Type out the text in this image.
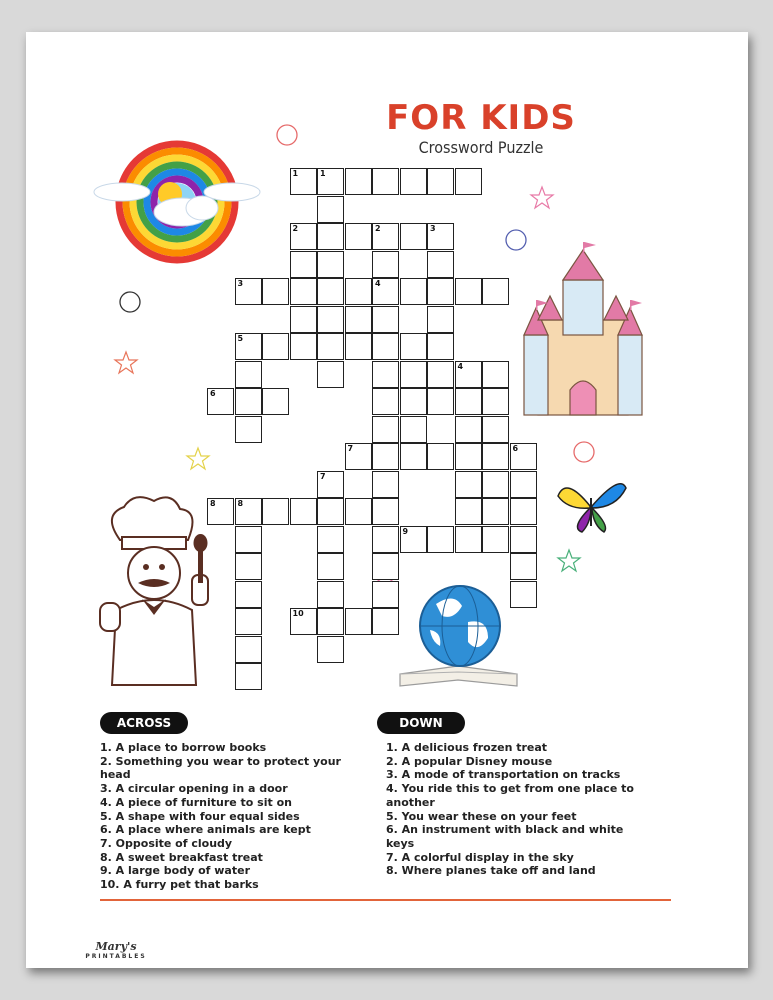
FOR KIDS
Crossword Puzzle
1	1
2	2	3
3	4
5
6
7
8	8
9
10
4
6
7
ACROSS	DOWN
1. A place to borrow books
2. Something you wear to protect your head
3. A circular opening in a door
4. A piece of furniture to sit on
5. A shape with four equal sides
6. A place where animals are kept
7. Opposite of cloudy
8. A sweet breakfast treat
9. A large body of water
10. A furry pet that barks
1. A delicious frozen treat
2. A popular Disney mouse
3. A mode of transportation on tracks
4. You ride this to get from one place to another
5. You wear these on your feet
6. An instrument with black and white keys
7. A colorful display in the sky
8. Where planes take off and land
Mary's
PRINTABLES
